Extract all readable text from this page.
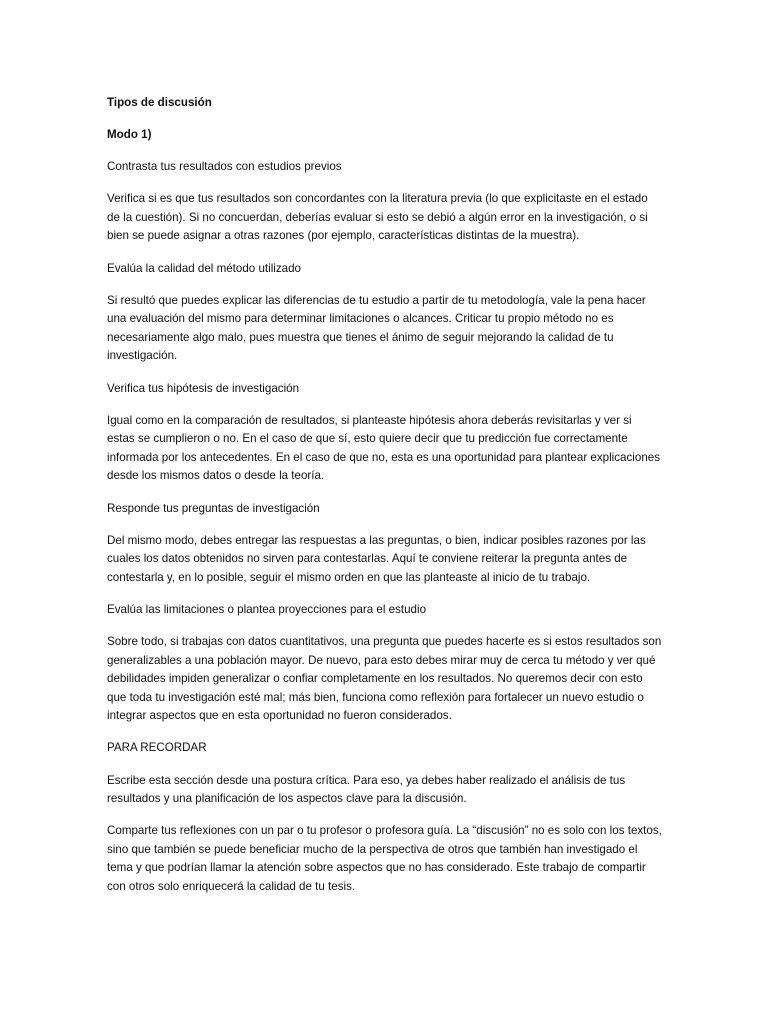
Tipos de discusión

Modo 1)

Contrasta tus resultados con estudios previos

Verifica si es que tus resultados son concordantes con la literatura previa (lo que explicitaste en el estado de la cuestión). Si no concuerdan, deberías evaluar si esto se debió a algún error en la investigación, o si bien se puede asignar a otras razones (por ejemplo, características distintas de la muestra).

Evalúa la calidad del método utilizado

Si resultó que puedes explicar las diferencias de tu estudio a partir de tu metodología, vale la pena hacer una evaluación del mismo para determinar limitaciones o alcances. Criticar tu propio método no es necesariamente algo malo, pues muestra que tienes el ánimo de seguir mejorando la calidad de tu investigación.

Verifica tus hipótesis de investigación

Igual como en la comparación de resultados, si planteaste hipótesis ahora deberás revisitarlas y ver si estas se cumplieron o no. En el caso de que sí, esto quiere decir que tu predicción fue correctamente informada por los antecedentes. En el caso de que no, esta es una oportunidad para plantear explicaciones desde los mismos datos o desde la teoría.

Responde tus preguntas de investigación

Del mismo modo, debes entregar las respuestas a las preguntas, o bien, indicar posibles razones por las cuales los datos obtenidos no sirven para contestarlas. Aquí te conviene reiterar la pregunta antes de contestarla y, en lo posible, seguir el mismo orden en que las planteaste al inicio de tu trabajo.

Evalúa las limitaciones o plantea proyecciones para el estudio

Sobre todo, si trabajas con datos cuantitativos, una pregunta que puedes hacerte es si estos resultados son generalizables a una población mayor. De nuevo, para esto debes mirar muy de cerca tu método y ver qué debilidades impiden generalizar o confiar completamente en los resultados. No queremos decir con esto que toda tu investigación esté mal; más bien, funciona como reflexión para fortalecer un nuevo estudio o integrar aspectos que en esta oportunidad no fueron considerados.

PARA RECORDAR

Escribe esta sección desde una postura crítica. Para eso, ya debes haber realizado el análisis de tus resultados y una planificación de los aspectos clave para la discusión.

Comparte tus reflexiones con un par o tu profesor o profesora guía. La “discusión” no es solo con los textos, sino que también se puede beneficiar mucho de la perspectiva de otros que también han investigado el tema y que podrían llamar la atención sobre aspectos que no has considerado. Este trabajo de compartir con otros solo enriquecerá la calidad de tu tesis.
